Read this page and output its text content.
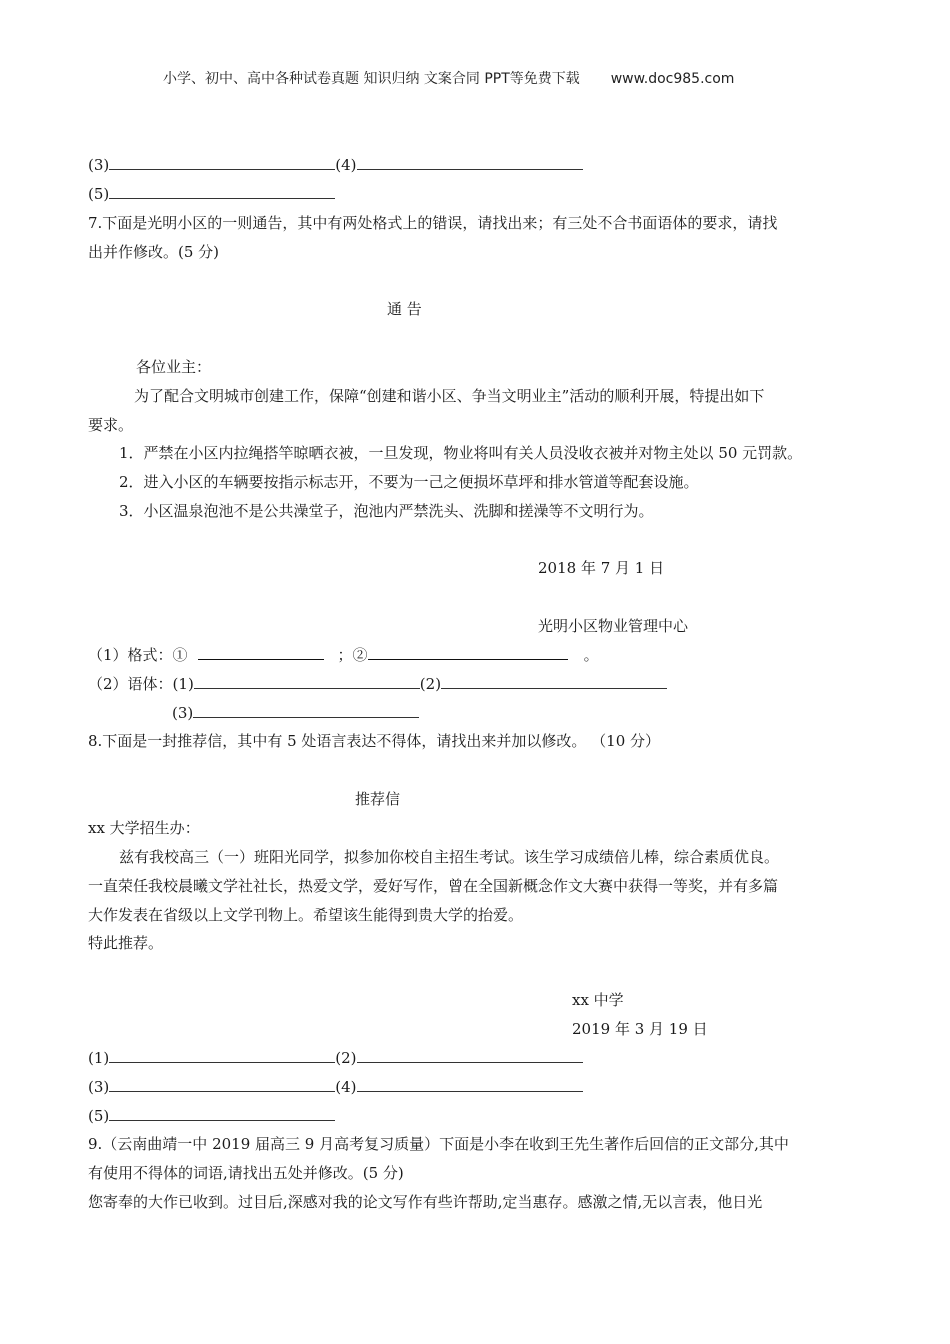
小学、初中、高中各种试卷真题 知识归纳 文案合同 PPT等免费下载 www.doc985.com
(3)	(4)
(5)
7.下面是光明小区的一则通告，其中有两处格式上的错误，请找出来；有三处不合书面语体的要求，请找
出并作修改。(5 分)
通 告
各位业主：
为了配合文明城市创建工作，保障“创建和谐小区、争当文明业主”活动的顺利开展，特提出如下
要求。
1．严禁在小区内拉绳搭竿晾晒衣被，一旦发现，物业将叫有关人员没收衣被并对物主处以 50 元罚款。
2．进入小区的车辆要按指示标志开，不要为一己之便损坏草坪和排水管道等配套设施。
3．小区温泉泡池不是公共澡堂子，泡池内严禁洗头、洗脚和搓澡等不文明行为。
2018 年 7 月 1 日
光明小区物业管理中心
（1）格式：①	；②	。
（2）语体：(1)	(2)
(3)
8.下面是一封推荐信，其中有 5 处语言表达不得体，请找出来并加以修改。 （10 分）
推荐信
xx 大学招生办：
兹有我校高三（一）班阳光同学，拟参加你校自主招生考试。该生学习成绩倍儿棒，综合素质优良。
一直荣任我校晨曦文学社社长，热爱文学，爱好写作，曾在全国新概念作文大赛中获得一等奖，并有多篇
大作发表在省级以上文学刊物上。希望该生能得到贵大学的抬爱。
特此推荐。
xx 中学
2019 年 3 月 19 日
(1)	(2)
(3)	(4)
(5)
9.（云南曲靖一中 2019 届高三 9 月高考复习质量）下面是小李在收到王先生著作后回信的正文部分,其中
有使用不得体的词语,请找出五处并修改。(5 分)
您寄奉的大作已收到。过目后,深感对我的论文写作有些许帮助,定当惠存。感激之情,无以言表，他日光
